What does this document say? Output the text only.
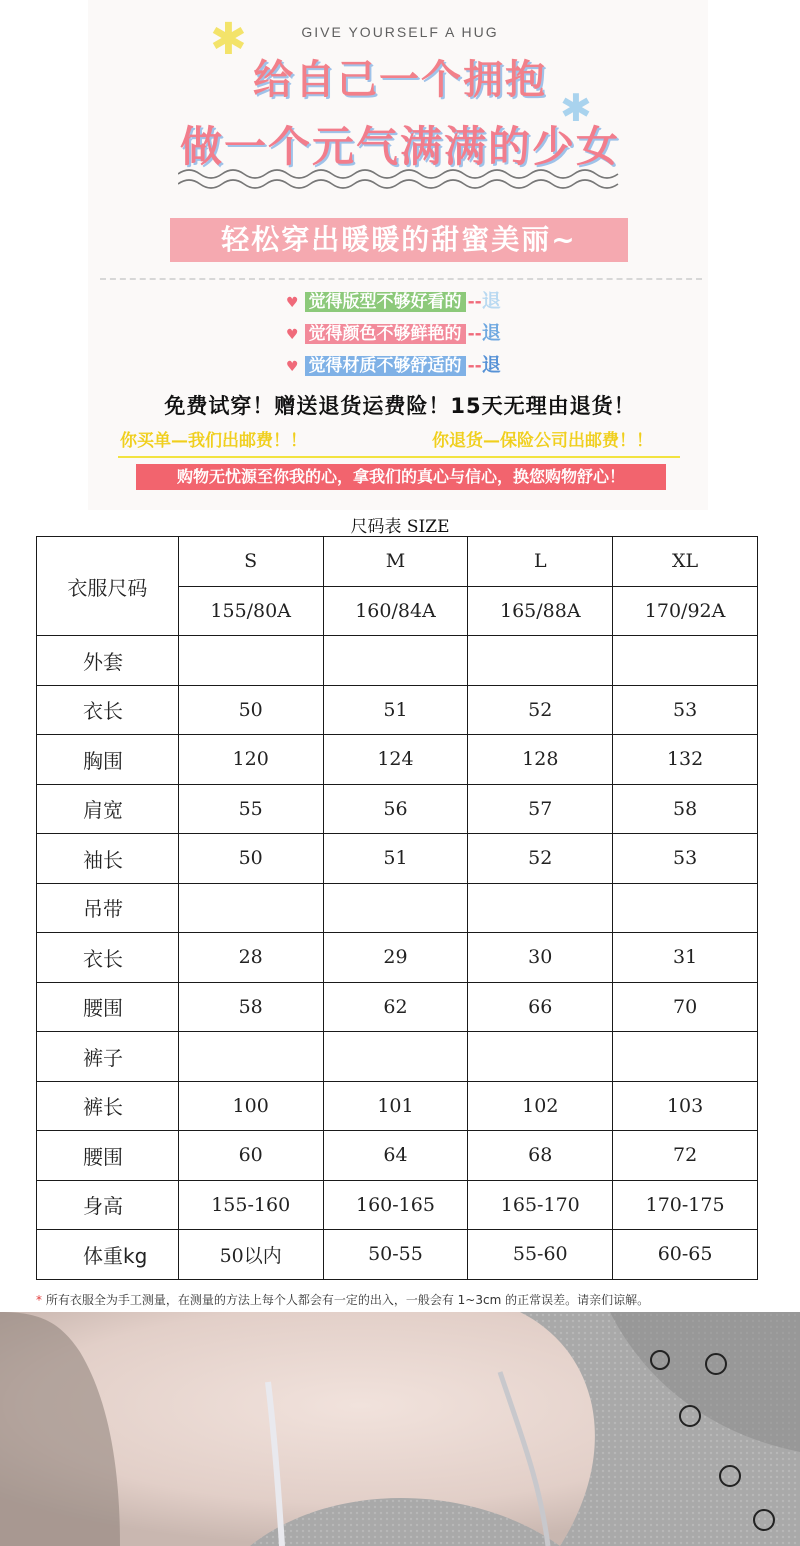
✱
✱
GIVE YOURSELF A HUG
给自己一个拥抱
做一个元气满满的少女
轻松穿出暖暖的甜蜜美丽~
♥ 觉得版型不够好看的 --退
♥ 觉得颜色不够鲜艳的 --退
♥ 觉得材质不够舒适的 --退
免费试穿！赠送退货运费险！15天无理由退货！
你买单—我们出邮费！！	你退货—保险公司出邮费！！
购物无忧源至你我的心，拿我们的真心与信心，换您购物舒心！
尺码表 SIZE
衣服尺码	S	M	L	XL
	155/80A	160/84A	165/88A	170/92A
外套				
衣长	50	51	52	53
胸围	120	124	128	132
肩宽	55	56	57	58
袖长	50	51	52	53
吊带				
衣长	28	29	30	31
腰围	58	62	66	70
裤子				
裤长	100	101	102	103
腰围	60	64	68	72
身高	155-160	160-165	165-170	170-175
体重kg	50以内	50-55	55-60	60-65
* 所有衣服全为手工测量，在测量的方法上每个人都会有一定的出入，一般会有 1~3cm 的正常误差。请亲们谅解。
